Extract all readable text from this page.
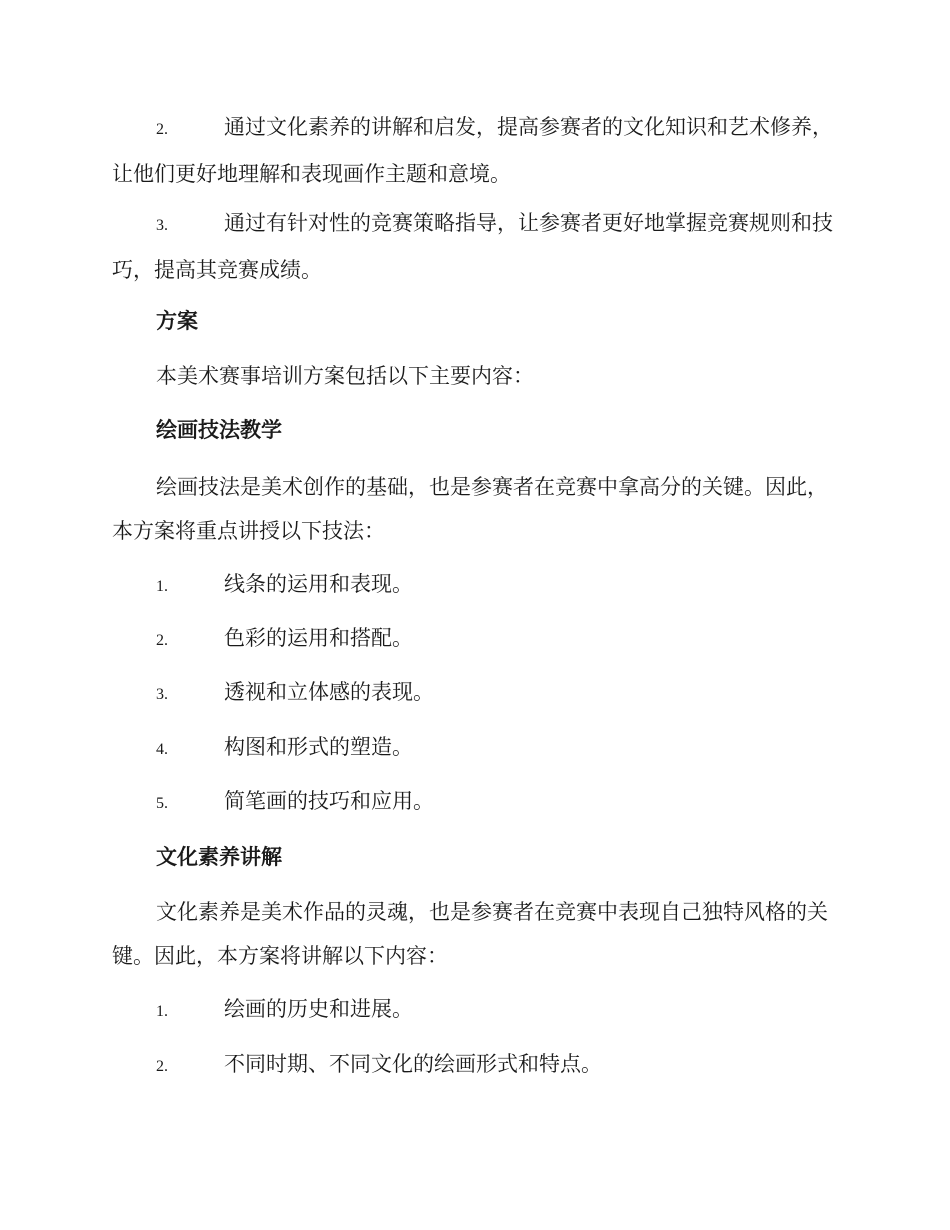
2.	通过文化素养的讲解和启发，提高参赛者的文化知识和艺术修养，让他们更好地理解和表现画作主题和意境。
3.	通过有针对性的竞赛策略指导，让参赛者更好地掌握竞赛规则和技巧，提高其竞赛成绩。
方案
本美术赛事培训方案包括以下主要内容：
绘画技法教学
绘画技法是美术创作的基础，也是参赛者在竞赛中拿高分的关键。因此，本方案将重点讲授以下技法：
1.	线条的运用和表现。
2.	色彩的运用和搭配。
3.	透视和立体感的表现。
4.	构图和形式的塑造。
5.	简笔画的技巧和应用。
文化素养讲解
文化素养是美术作品的灵魂，也是参赛者在竞赛中表现自己独特风格的关键。因此，本方案将讲解以下内容：
1.	绘画的历史和进展。
2.	不同时期、不同文化的绘画形式和特点。
